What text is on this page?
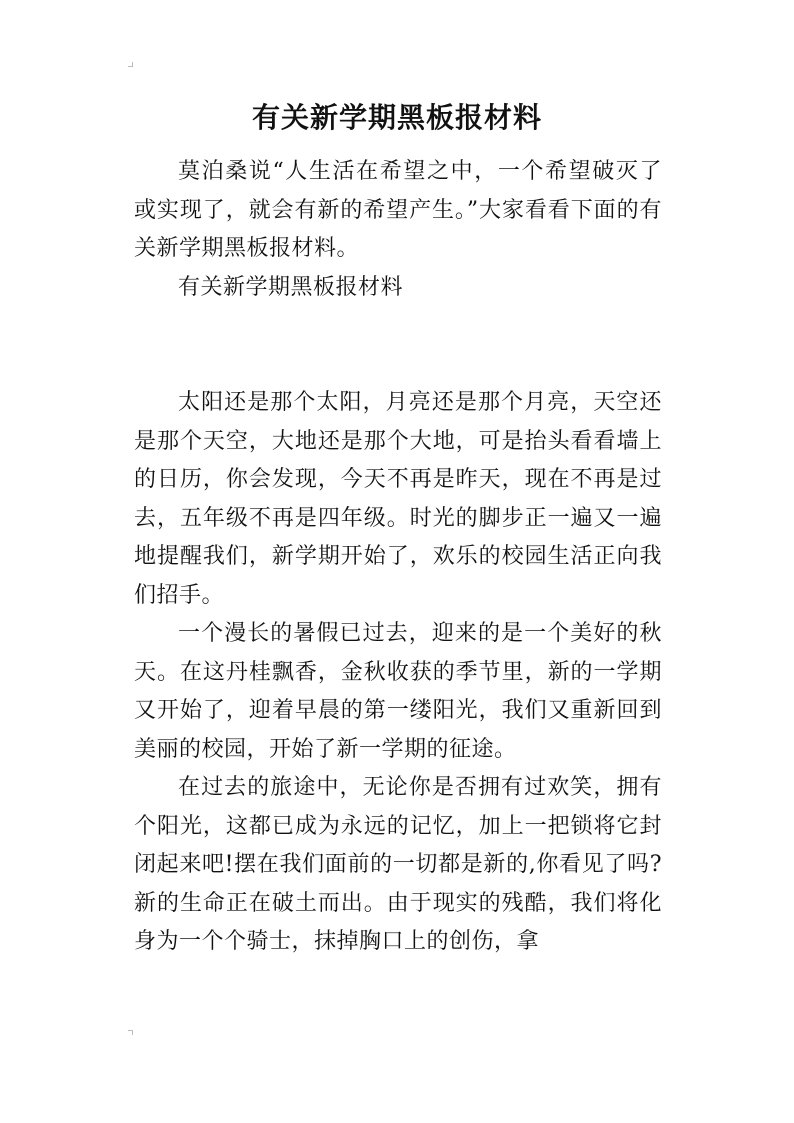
有关新学期黑板报材料

莫泊桑说“人生活在希望之中，一个希望破灭了或实现了，就会有新的希望产生。”大家看看下面的有关新学期黑板报材料。

有关新学期黑板报材料

太阳还是那个太阳，月亮还是那个月亮，天空还是那个天空，大地还是那个大地，可是抬头看看墙上的日历，你会发现，今天不再是昨天，现在不再是过去，五年级不再是四年级。时光的脚步正一遍又一遍地提醒我们，新学期开始了，欢乐的校园生活正向我们招手。

一个漫长的暑假已过去，迎来的是一个美好的秋天。在这丹桂飘香，金秋收获的季节里，新的一学期又开始了，迎着早晨的第一缕阳光，我们又重新回到美丽的校园，开始了新一学期的征途。

在过去的旅途中，无论你是否拥有过欢笑，拥有个阳光，这都已成为永远的记忆，加上一把锁将它封闭起来吧!摆在我们面前的一切都是新的,你看见了吗?新的生命正在破土而出。由于现实的残酷，我们将化身为一个个骑士，抹掉胸口上的创伤，拿
